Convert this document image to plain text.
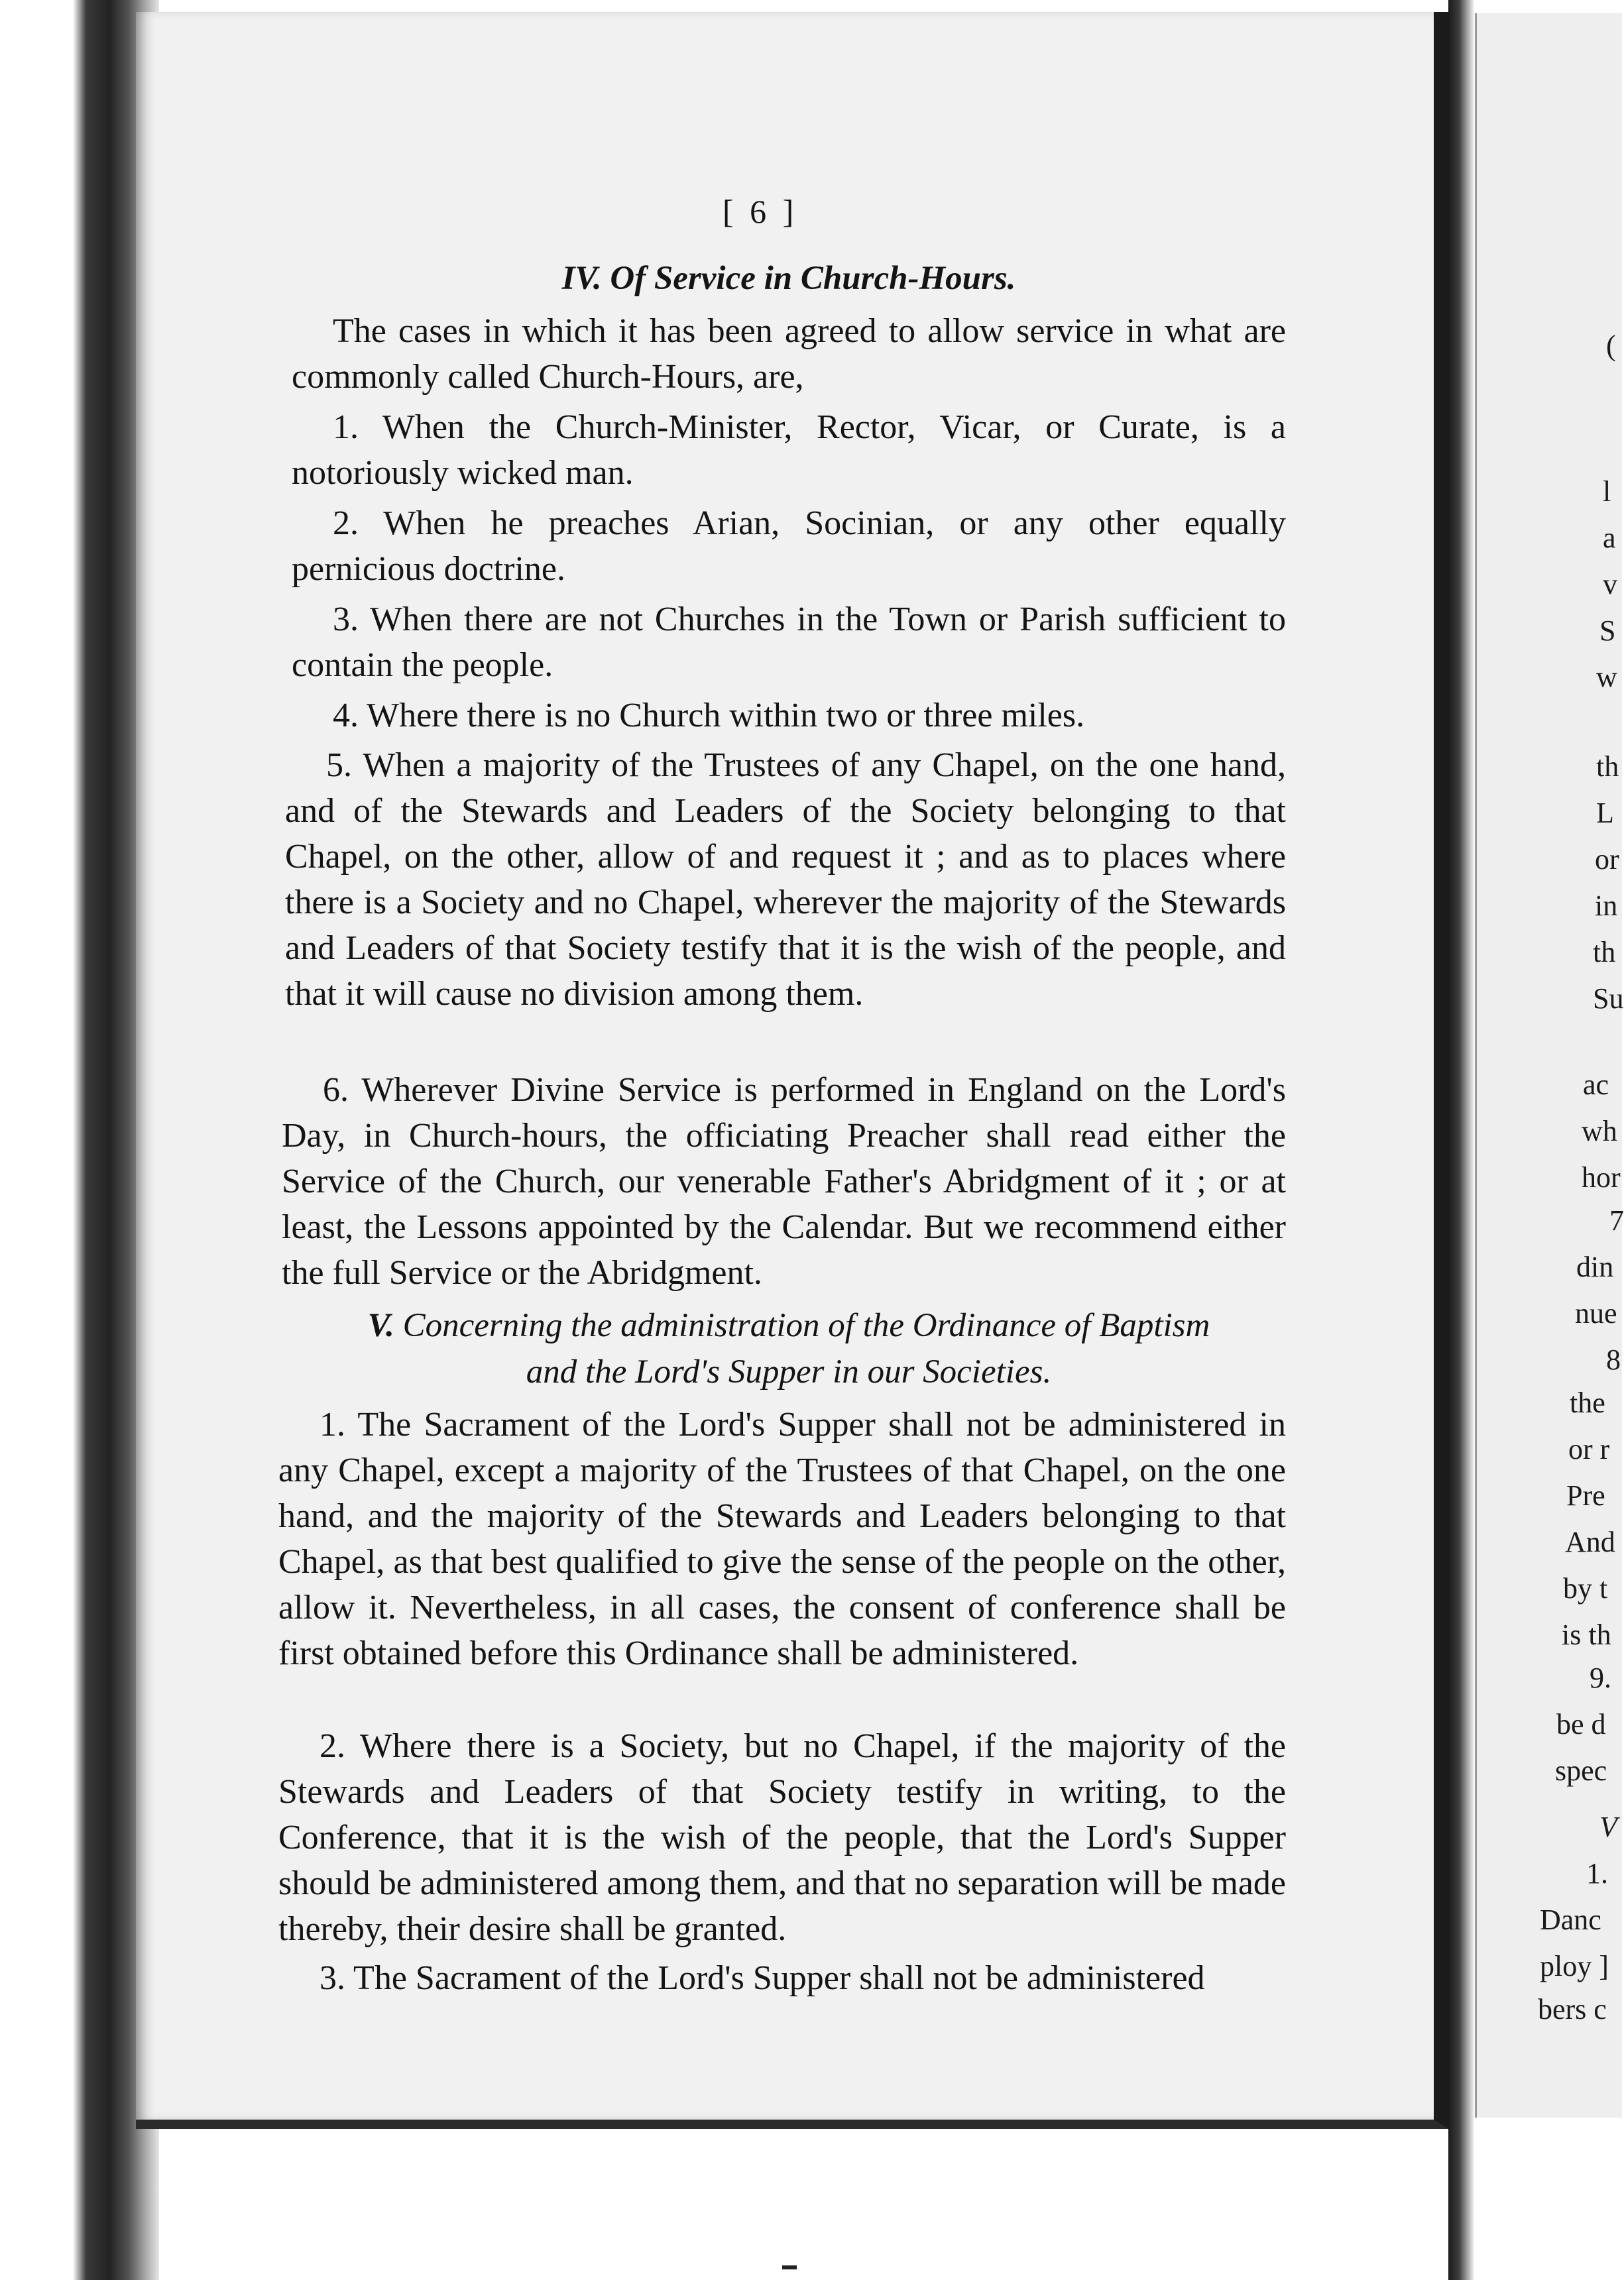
(
l
a
v
S
w
th
L
or
in
th
Su
ac
wh
hor
7
din
nue
8
the
or r
Pre
And
by t
is th
9.
be d
spec
V
1.
Danc
ploy ]
bers c
[ 6 ]
IV. Of Service in Church-Hours.

The cases in which it has been agreed to allow service in what are commonly called Church-Hours, are,

1. When the Church-Minister, Rector, Vicar, or Curate, is a notoriously wicked man.

2. When he preaches Arian, Socinian, or any other equally pernicious doctrine.

3. When there are not Churches in the Town or Parish sufficient to contain the people.

4. Where there is no Church within two or three miles.

5. When a majority of the Trustees of any Chapel, on the one hand, and of the Stewards and Leaders of the Society belonging to that Chapel, on the other, allow of and request it ; and as to places where there is a Society and no Chapel, wherever the majority of the Stewards and Leaders of that Society testify that it is the wish of the people, and that it will cause no division among them.

6. Wherever Divine Service is performed in England on the Lord's Day, in Church-hours, the officiating Preacher shall read either the Service of the Church, our venerable Father's Abridgment of it ; or at least, the Lessons appointed by the Calendar. But we recommend either the full Service or the Abridgment.

V. Concerning the administration of the Ordinance of Baptism
and the Lord's Supper in our Societies.

1. The Sacrament of the Lord's Supper shall not be administered in any Chapel, except a majority of the Trustees of that Chapel, on the one hand, and the majority of the Stewards and Leaders belonging to that Chapel, as that best qualified to give the sense of the people on the other, allow it. Nevertheless, in all cases, the consent of conference shall be first obtained before this Ordinance shall be administered.

2. Where there is a Society, but no Chapel, if the majority of the Stewards and Leaders of that Society testify in writing, to the Conference, that it is the wish of the people, that the Lord's Supper should be administered among them, and that no separation will be made thereby, their desire shall be granted.

3. The Sacrament of the Lord's Supper shall not be administered
